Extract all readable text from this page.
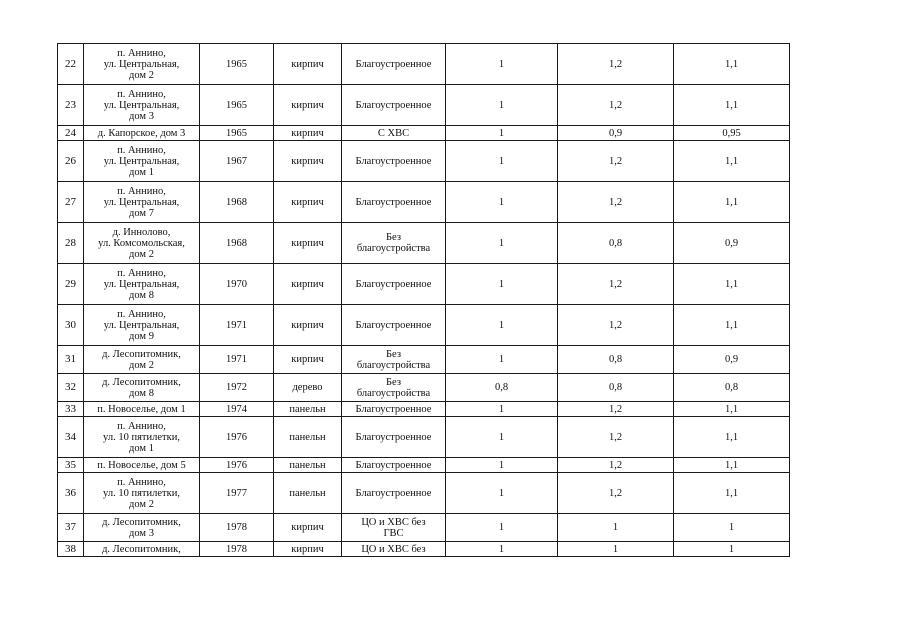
22	п. Аннино,
ул. Центральная,
дом 2	1965	кирпич	Благоустроенное	1	1,2	1,1
23	п. Аннино,
ул. Центральная,
дом 3	1965	кирпич	Благоустроенное	1	1,2	1,1
24	д. Капорское, дом 3	1965	кирпич	С ХВС	1	0,9	0,95
26	п. Аннино,
ул. Центральная,
дом 1	1967	кирпич	Благоустроенное	1	1,2	1,1
27	п. Аннино,
ул. Центральная,
дом 7	1968	кирпич	Благоустроенное	1	1,2	1,1
28	д. Иннолово,
ул. Комсомольская,
дом 2	1968	кирпич	Без
благоустройства	1	0,8	0,9
29	п. Аннино,
ул. Центральная,
дом 8	1970	кирпич	Благоустроенное	1	1,2	1,1
30	п. Аннино,
ул. Центральная,
дом 9	1971	кирпич	Благоустроенное	1	1,2	1,1
31	д. Лесопитомник,
дом 2	1971	кирпич	Без
благоустройства	1	0,8	0,9
32	д. Лесопитомник,
дом 8	1972	дерево	Без
благоустройства	0,8	0,8	0,8
33	п. Новоселье, дом 1	1974	панельн	Благоустроенное	1	1,2	1,1
34	п. Аннино,
ул. 10 пятилетки,
дом 1	1976	панельн	Благоустроенное	1	1,2	1,1
35	п. Новоселье, дом 5	1976	панельн	Благоустроенное	1	1,2	1,1
36	п. Аннино,
ул. 10 пятилетки,
дом 2	1977	панельн	Благоустроенное	1	1,2	1,1
37	д. Лесопитомник,
дом 3	1978	кирпич	ЦО и ХВС без
ГВС	1	1	1
38	д. Лесопитомник,	1978	кирпич	ЦО и ХВС без	1	1	1
